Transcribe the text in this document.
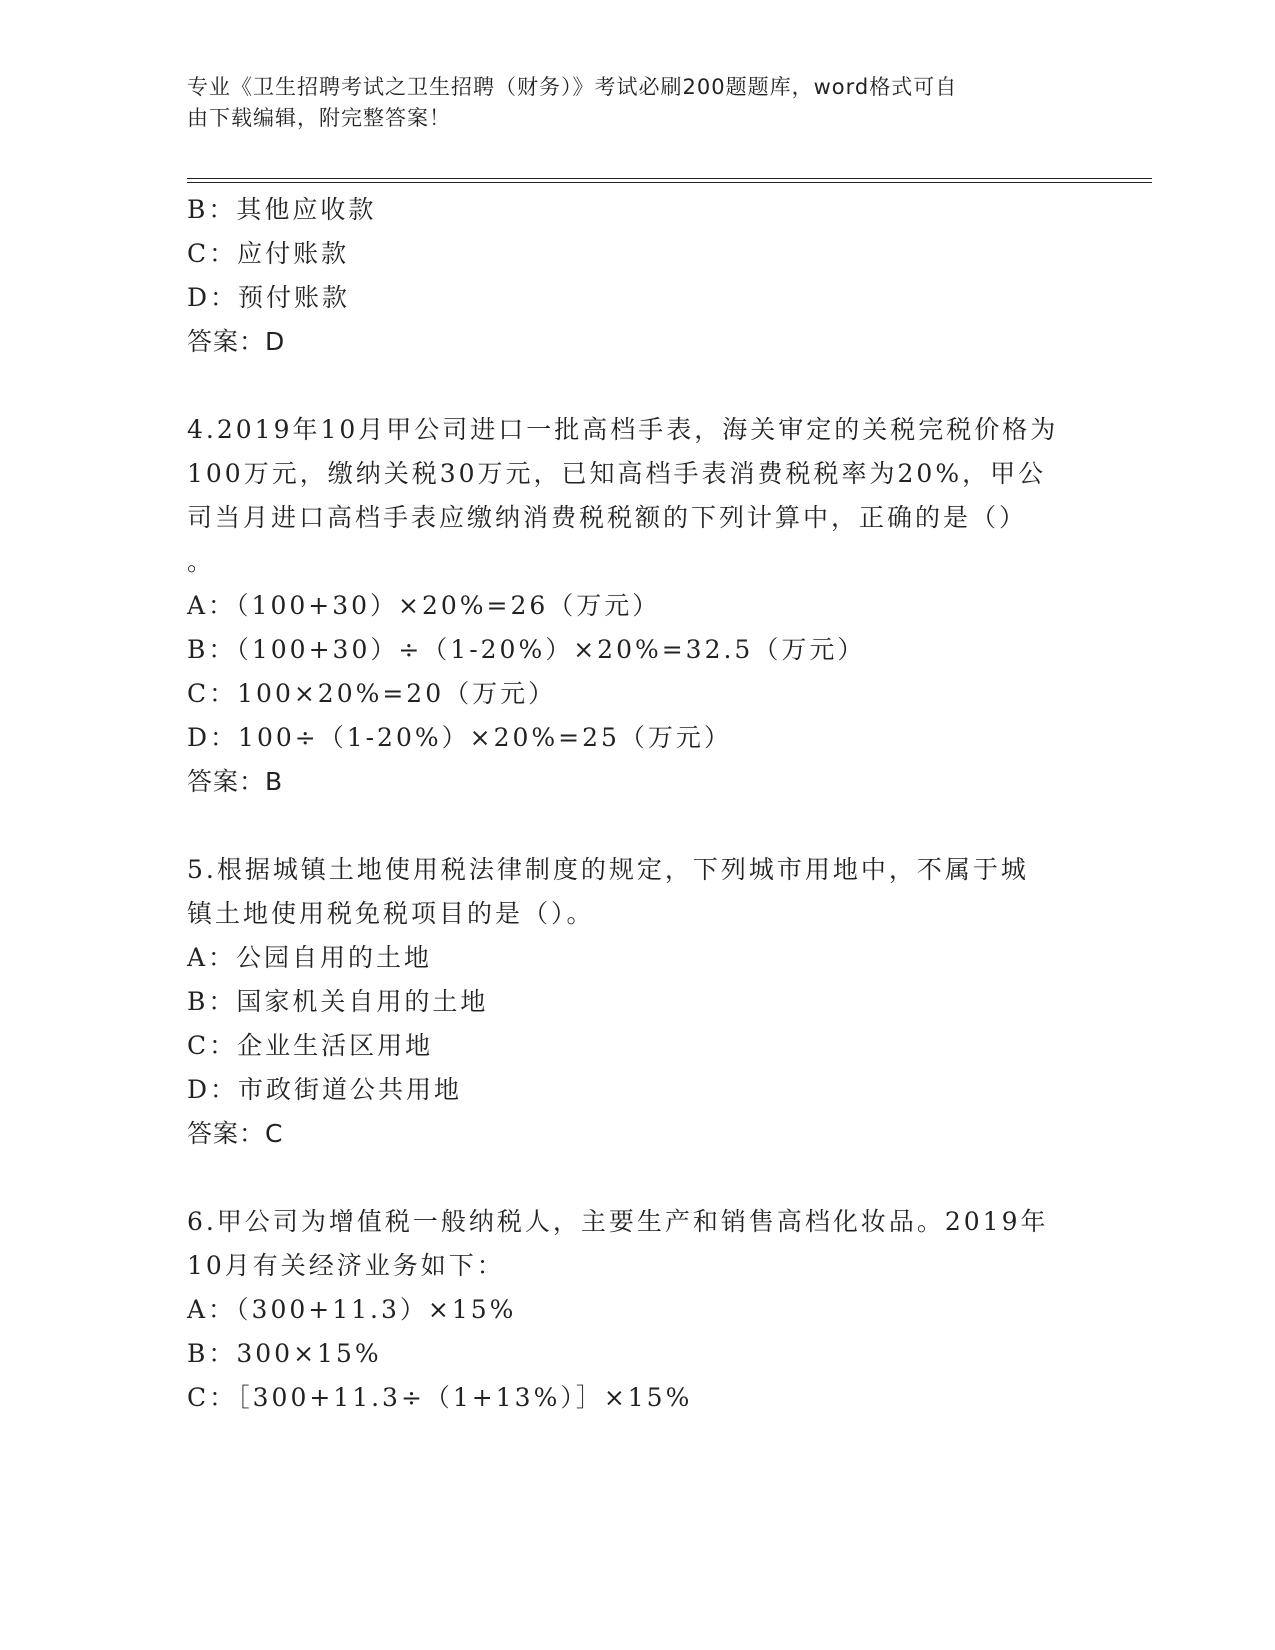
专业《卫生招聘考试之卫生招聘（财务）》考试必刷200题题库，word格式可自
由下载编辑，附完整答案！
B：其他应收款
C：应付账款
D：预付账款
答案：D
4.2019年10月甲公司进口一批高档手表，海关审定的关税完税价格为
100万元，缴纳关税30万元，已知高档手表消费税税率为20%，甲公
司当月进口高档手表应缴纳消费税税额的下列计算中，正确的是（）
。
A：（100+30）×20%=26（万元）
B：（100+30）÷（1-20%）×20%=32.5（万元）
C：100×20%=20（万元）
D：100÷（1-20%）×20%=25（万元）
答案：B
5.根据城镇土地使用税法律制度的规定，下列城市用地中，不属于城
镇土地使用税免税项目的是（）。
A：公园自用的土地
B：国家机关自用的土地
C：企业生活区用地
D：市政街道公共用地
答案：C
6.甲公司为增值税一般纳税人，主要生产和销售高档化妆品。2019年
10月有关经济业务如下：
A：（300+11.3）×15%
B：300×15%
C：［300+11.3÷（1+13%）］×15%
